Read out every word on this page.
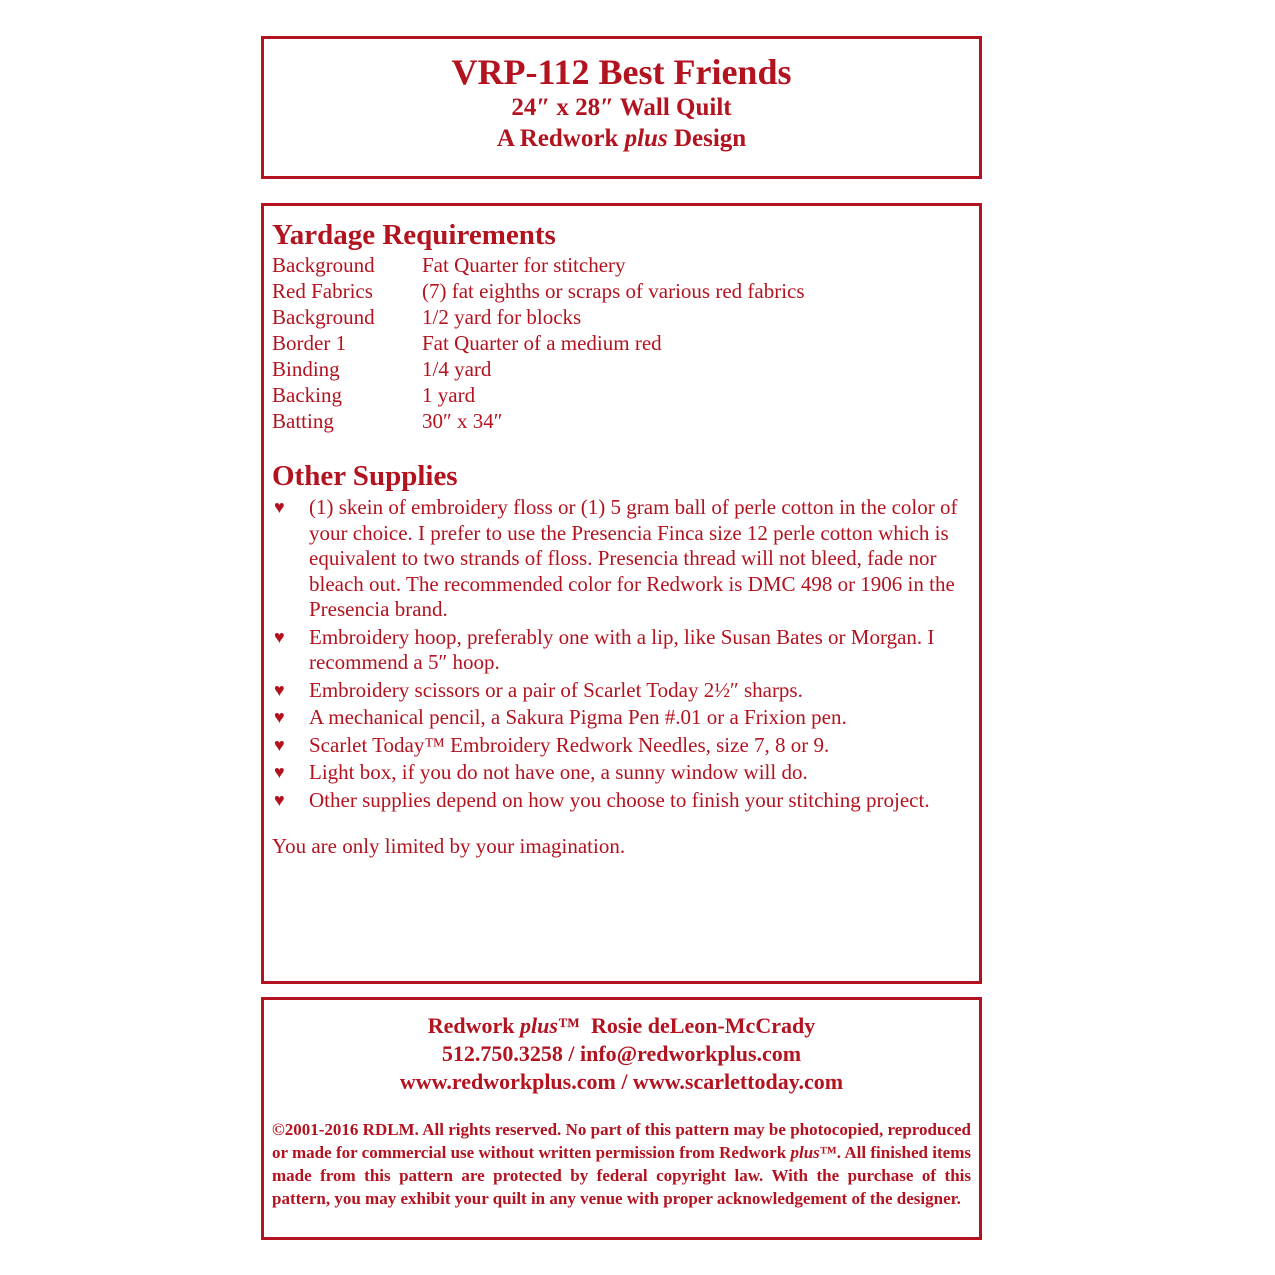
VRP-112 Best Friends
24″ x 28″ Wall Quilt
A Redwork plus Design
Yardage Requirements
Background	Fat Quarter for stitchery
Red Fabrics	(7) fat eighths or scraps of various red fabrics
Background	1/2 yard for blocks
Border 1	Fat Quarter of a medium red
Binding	1/4 yard
Backing	1 yard
Batting	30″ x 34″
Other Supplies
♥	(1) skein of embroidery floss or (1) 5 gram ball of perle cotton in the color of your choice. I prefer to use the Presencia Finca size 12 perle cotton which is equivalent to two strands of floss. Presencia thread will not bleed, fade nor bleach out. The recommended color for Redwork is DMC 498 or 1906 in the Presencia brand.
♥	Embroidery hoop, preferably one with a lip, like Susan Bates or Morgan. I recommend a 5″ hoop.
♥	Embroidery scissors or a pair of Scarlet Today 2½″ sharps.
♥	A mechanical pencil, a Sakura Pigma Pen #.01 or a Frixion pen.
♥	Scarlet Today™ Embroidery Redwork Needles, size 7, 8 or 9.
♥	Light box, if you do not have one, a sunny window will do.
♥	Other supplies depend on how you choose to finish your stitching project.
You are only limited by your imagination.
Redwork plus™  Rosie deLeon-McCrady
512.750.3258 / info@redworkplus.com
www.redworkplus.com / www.scarlettoday.com
©2001-2016 RDLM. All rights reserved. No part of this pattern may be photocopied, reproduced or made for commercial use without written permission from Redwork plus™. All finished items made from this pattern are protected by federal copyright law. With the purchase of this pattern, you may exhibit your quilt in any venue with proper acknowledgement of the designer.
